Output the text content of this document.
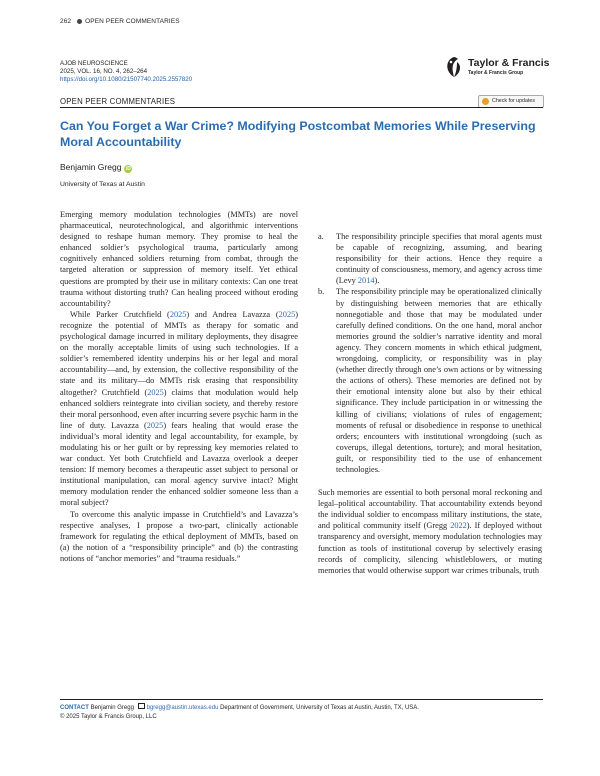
262 OPEN PEER COMMENTARIES
AJOB NEUROSCIENCE
2025, VOL. 16, NO. 4, 262–264
https://doi.org/10.1080/21507740.2025.2557820
Taylor & Francis
Taylor & Francis Group
OPEN PEER COMMENTARIES	Check for updates
Can You Forget a War Crime? Modifying Postcombat Memories While Preserving Moral Accountability
Benjamin Gregg iD
University of Texas at Austin

Emerging memory modulation technologies (MMTs) are novel pharmaceutical, neurotechnological, and algorithmic interventions designed to reshape human memory. They promise to heal the enhanced soldier’s psychological trauma, particularly among cognitively enhanced soldiers returning from combat, through the targeted alteration or suppression of memory itself. Yet ethical questions are prompted by their use in military contexts: Can one treat trauma without distorting truth? Can healing proceed without eroding accountability?

While Parker Crutchfield (2025) and Andrea Lavazza (2025) recognize the potential of MMTs as therapy for somatic and psychological damage incurred in military deployments, they disagree on the morally acceptable limits of using such technologies. If a soldier’s remembered identity underpins his or her legal and moral accountability—and, by extension, the collective responsibility of the state and its military—do MMTs risk erasing that responsibility altogether? Crutchfield (2025) claims that modulation would help enhanced soldiers reintegrate into civilian society, and thereby restore their moral personhood, even after incurring severe psychic harm in the line of duty. Lavazza (2025) fears healing that would erase the individual’s moral identity and legal accountability, for example, by modulating his or her guilt or by repressing key memories related to war conduct. Yet both Crutchfield and Lavazza overlook a deeper tension: If memory becomes a therapeutic asset subject to personal or institutional manipulation, can moral agency survive intact? Might memory modulation render the enhanced soldier someone less than a moral subject?

To overcome this analytic impasse in Crutchfield’s and Lavazza’s respective analyses, I propose a two-part, clinically actionable framework for regulating the ethical deployment of MMTs, based on (a) the notion of a “responsibility principle” and (b) the contrasting notions of “anchor memories” and “trauma residuals.”

a. The responsibility principle specifies that moral agents must be capable of recognizing, assuming, and bearing responsibility for their actions. Hence they require a continuity of consciousness, memory, and agency across time (Levy 2014).
b. The responsibility principle may be operationalized clinically by distinguishing between memories that are ethically nonnegotiable and those that may be modulated under carefully defined conditions. On the one hand, moral anchor memories ground the soldier’s narrative identity and moral agency. They concern moments in which ethical judgment, wrongdoing, complicity, or responsibility was in play (whether directly through one’s own actions or by witnessing the actions of others). These memories are defined not by their emotional intensity alone but also by their ethical significance. They include participation in or witnessing the killing of civilians; violations of rules of engagement; moments of refusal or disobedience in response to unethical orders; encounters with institutional wrongdoing (such as coverups, illegal detentions, torture); and moral hesitation, guilt, or responsibility tied to the use of enhancement technologies.

Such memories are essential to both personal moral reckoning and legal–political accountability. That accountability extends beyond the individual soldier to encompass military institutions, the state, and political community itself (Gregg 2022). If deployed without transparency and oversight, memory modulation technologies may function as tools of institutional coverup by selectively erasing records of complicity, silencing whistleblowers, or muting memories that would otherwise support war crimes tribunals, truth

CONTACT Benjamin Gregg bgregg@austin.utexas.edu Department of Government, University of Texas at Austin, Austin, TX, USA.
© 2025 Taylor & Francis Group, LLC
